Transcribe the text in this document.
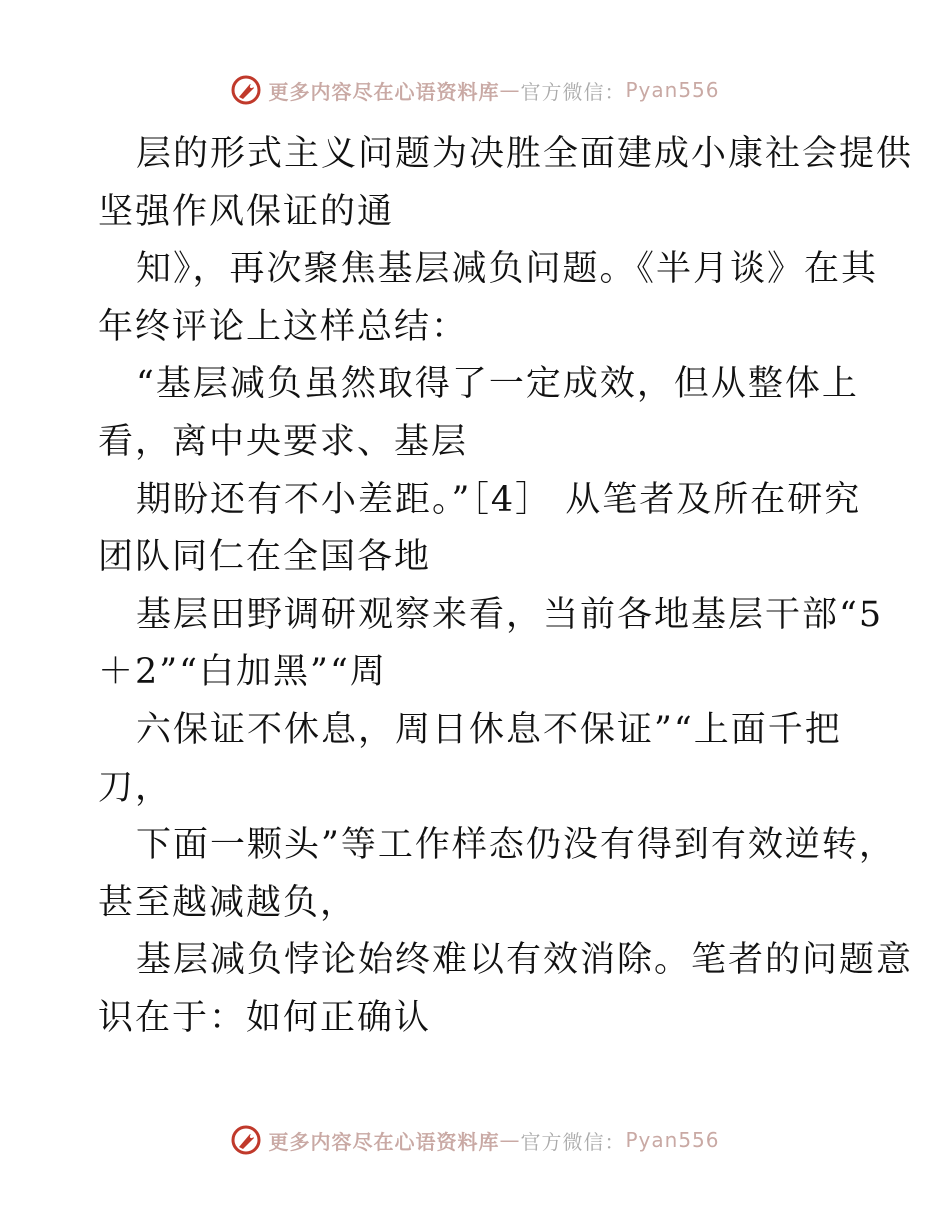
更多内容尽在心语资料库 — 官方微信： Pyan556
层的形式主义问题为决胜全面建成小康社会提供
坚强作风保证的通
知》，再次聚焦基层减负问题。《半月谈》在其
年终评论上这样总结：
“基层减负虽然取得了一定成效，但从整体上
看，离中央要求、基层
期盼还有不小差距。”［4］ 从笔者及所在研究
团队同仁在全国各地
基层田野调研观察来看，当前各地基层干部“5
＋2”“白加黑”“周
六保证不休息，周日休息不保证”“上面千把
刀，
下面一颗头”等工作样态仍没有得到有效逆转，
甚至越减越负，
基层减负悖论始终难以有效消除。笔者的问题意
识在于：如何正确认
更多内容尽在心语资料库 — 官方微信： Pyan556
